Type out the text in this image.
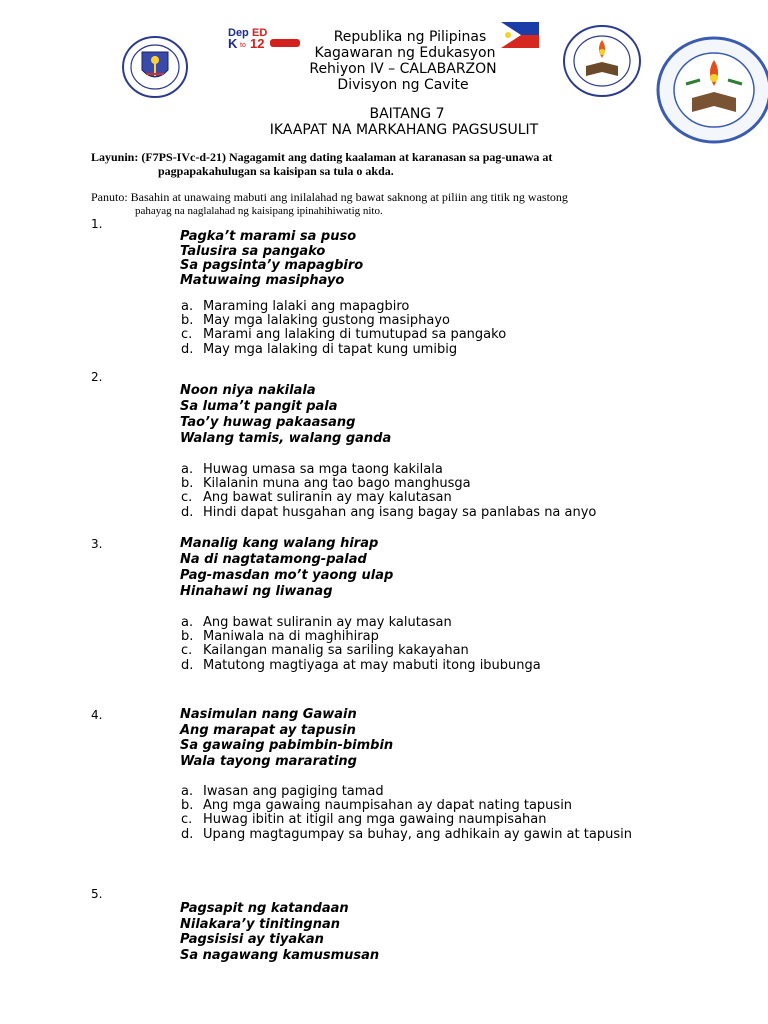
Dep ED
K to 12	Republika ng Pilipinas
Kagawaran ng Edukasyon
Rehiyon IV – CALABARZON
Divisyon ng Cavite
BAITANG 7
IKAAPAT NA MARKAHANG PAGSUSULIT
Layunin: (F7PS-IVc-d-21) Nagagamit ang dating kaalaman at karanasan sa pag-unawa at
pagpapakahulugan sa kaisipan sa tula o akda.
Panuto: Basahin at unawaing mabuti ang inilalahad ng bawat saknong at piliin ang titik ng wastong
pahayag na naglalahad ng kaisipang ipinahihiwatig nito.
1.
Pagka’t marami sa puso
Talusira sa pangako
Sa pagsinta’y mapagbiro
Matuwaing masiphayo
a. Maraming lalaki ang mapagbiro
b. May mga lalaking gustong masiphayo
c. Marami ang lalaking di tumutupad sa pangako
d. May mga lalaking di tapat kung umibig
2.
Noon niya nakilala
Sa luma’t pangit pala
Tao’y huwag pakaasang
Walang tamis, walang ganda
a. Huwag umasa sa mga taong kakilala
b. Kilalanin muna ang tao bago manghusga
c. Ang bawat suliranin ay may kalutasan
d. Hindi dapat husgahan ang isang bagay sa panlabas na anyo
3.	Manalig kang walang hirap
Na di nagtatamong-palad
Pag-masdan mo’t yaong ulap
Hinahawi ng liwanag
a. Ang bawat suliranin ay may kalutasan
b. Maniwala na di maghihirap
c. Kailangan manalig sa sariling kakayahan
d. Matutong magtiyaga at may mabuti itong ibubunga
4.	Nasimulan nang Gawain
Ang marapat ay tapusin
Sa gawaing pabimbin-bimbin
Wala tayong mararating
a. Iwasan ang pagiging tamad
b. Ang mga gawaing naumpisahan ay dapat nating tapusin
c. Huwag ibitin at itigil ang mga gawaing naumpisahan
d. Upang magtagumpay sa buhay, ang adhikain ay gawin at tapusin
5.
Pagsapit ng katandaan
Nilakara’y tinitingnan
Pagsisisi ay tiyakan
Sa nagawang kamusmusan
